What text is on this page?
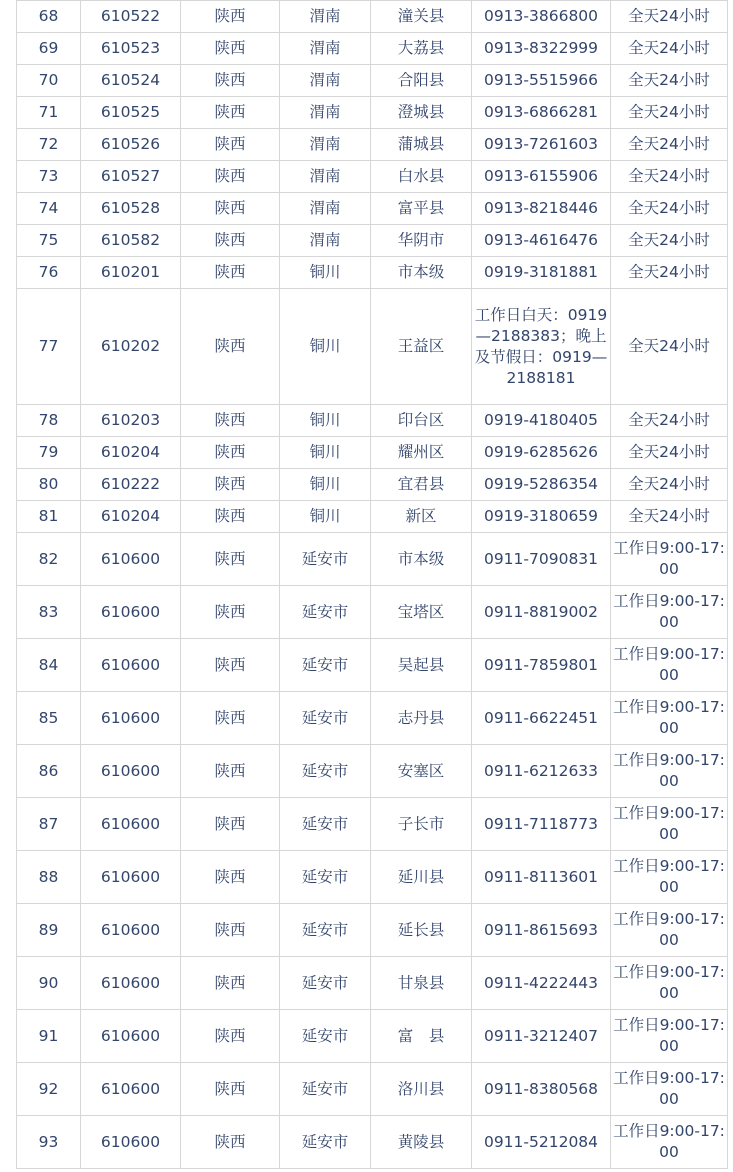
68	610522	陕西	渭南	潼关县	0913-3866800	全天24小时
69	610523	陕西	渭南	大荔县	0913-8322999	全天24小时
70	610524	陕西	渭南	合阳县	0913-5515966	全天24小时
71	610525	陕西	渭南	澄城县	0913-6866281	全天24小时
72	610526	陕西	渭南	蒲城县	0913-7261603	全天24小时
73	610527	陕西	渭南	白水县	0913-6155906	全天24小时
74	610528	陕西	渭南	富平县	0913-8218446	全天24小时
75	610582	陕西	渭南	华阴市	0913-4616476	全天24小时
76	610201	陕西	铜川	市本级	0919-3181881	全天24小时
77	610202	陕西	铜川	王益区	工作日白天：0919—2188383；晚上及节假日：0919—2188181	全天24小时
78	610203	陕西	铜川	印台区	0919-4180405	全天24小时
79	610204	陕西	铜川	耀州区	0919-6285626	全天24小时
80	610222	陕西	铜川	宜君县	0919-5286354	全天24小时
81	610204	陕西	铜川	新区	0919-3180659	全天24小时
82	610600	陕西	延安市	市本级	0911-7090831	工作日9:00-17:00
83	610600	陕西	延安市	宝塔区	0911-8819002	工作日9:00-17:00
84	610600	陕西	延安市	吴起县	0911-7859801	工作日9:00-17:00
85	610600	陕西	延安市	志丹县	0911-6622451	工作日9:00-17:00
86	610600	陕西	延安市	安塞区	0911-6212633	工作日9:00-17:00
87	610600	陕西	延安市	子长市	0911-7118773	工作日9:00-17:00
88	610600	陕西	延安市	延川县	0911-8113601	工作日9:00-17:00
89	610600	陕西	延安市	延长县	0911-8615693	工作日9:00-17:00
90	610600	陕西	延安市	甘泉县	0911-4222443	工作日9:00-17:00
91	610600	陕西	延安市	富　县	0911-3212407	工作日9:00-17:00
92	610600	陕西	延安市	洛川县	0911-8380568	工作日9:00-17:00
93	610600	陕西	延安市	黄陵县	0911-5212084	工作日9:00-17:00
